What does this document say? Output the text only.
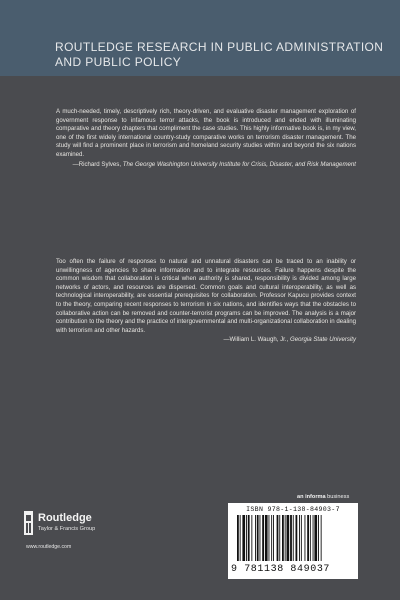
ROUTLEDGE RESEARCH IN PUBLIC ADMINISTRATION AND PUBLIC POLICY

A much-needed, timely, descriptively rich, theory-driven, and evaluative disaster management exploration of government response to infamous terror attacks, the book is introduced and ended with illuminating comparative and theory chapters that compliment the case studies. This highly informative book is, in my view, one of the first widely international country-study comparative works on terrorism disaster management. The study will find a prominent place in terrorism and homeland security studies within and beyond the six nations examined.

—Richard Sylves, The George Washington University Institute for Crisis, Disaster, and Risk Management

Too often the failure of responses to natural and unnatural disasters can be traced to an inability or unwillingness of agencies to share information and to integrate resources. Failure happens despite the common wisdom that collaboration is critical when authority is shared, responsibility is divided among large networks of actors, and resources are dispersed. Common goals and cultural interoperability, as well as technological interoperability, are essential prerequisites for collaboration. Professor Kapucu provides context to the theory, comparing recent responses to terrorism in six nations, and identifies ways that the obstacles to collaborative action can be removed and counter-terrorist programs can be improved. The analysis is a major contribution to the theory and the practice of intergovernmental and multi-organizational collaboration in dealing with terrorism and other hazards.

—William L. Waugh, Jr., Georgia State University
an informa business
Routledge
Taylor & Francis Group
www.routledge.com
ISBN 978-1-138-84903-7
9 781138 849037
